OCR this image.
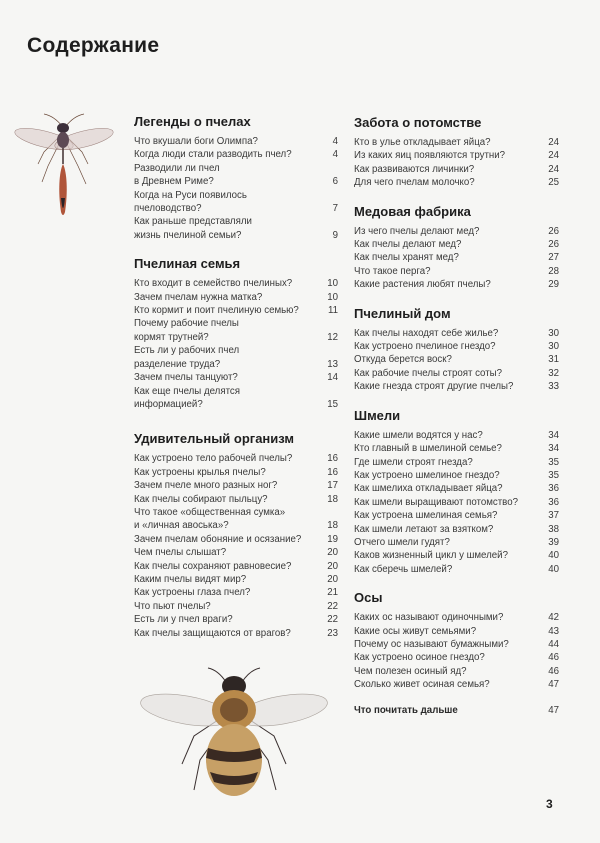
Содержание
Легенды о пчелах
Что вкушали боги Олимпа?	4
Когда люди стали разводить пчел?	4
Разводили ли пчел
в Древнем Риме?	6
Когда на Руси появилось
пчеловодство?	7
Как раньше представляли
жизнь пчелиной семьи?	9
Пчелиная семья
Кто входит в семейство пчелиных?	10
Зачем пчелам нужна матка?	10
Кто кормит и поит пчелиную семью?	11
Почему рабочие пчелы
кормят трутней?	12
Есть ли у рабочих пчел
разделение труда?	13
Зачем пчелы танцуют?	14
Как еще пчелы делятся
информацией?	15
Удивительный организм
Как устроено тело рабочей пчелы?	16
Как устроены крылья пчелы?	16
Зачем пчеле много разных ног?	17
Как пчелы собирают пыльцу?	18
Что такое «общественная сумка»
и «личная авоська»?	18
Зачем пчелам обоняние и осязание?	19
Чем пчелы слышат?	20
Как пчелы сохраняют равновесие?	20
Каким пчелы видят мир?	20
Как устроены глаза пчел?	21
Что пьют пчелы?	22
Есть ли у пчел враги?	22
Как пчелы защищаются от врагов?	23
Забота о потомстве
Кто в улье откладывает яйца?	24
Из каких яиц появляются трутни?	24
Как развиваются личинки?	24
Для чего пчелам молочко?	25
Медовая фабрика
Из чего пчелы делают мед?	26
Как пчелы делают мед?	26
Как пчелы хранят мед?	27
Что такое перга?	28
Какие растения любят пчелы?	29
Пчелиный дом
Как пчелы находят себе жилье?	30
Как устроено пчелиное гнездо?	30
Откуда берется воск?	31
Как рабочие пчелы строят соты?	32
Какие гнезда строят другие пчелы?	33
Шмели
Какие шмели водятся у нас?	34
Кто главный в шмелиной семье?	34
Где шмели строят гнезда?	35
Как устроено шмелиное гнездо?	35
Как шмелиха откладывает яйца?	36
Как шмели выращивают потомство?	36
Как устроена шмелиная семья?	37
Как шмели летают за взятком?	38
Отчего шмели гудят?	39
Каков жизненный цикл у шмелей?	40
Как сберечь шмелей?	40
Осы
Каких ос называют одиночными?	42
Какие осы живут семьями?	43
Почему ос называют бумажными?	44
Как устроено осиное гнездо?	46
Чем полезен осиный яд?	46
Сколько живет осиная семья?	47
Что почитать дальше	47
3
